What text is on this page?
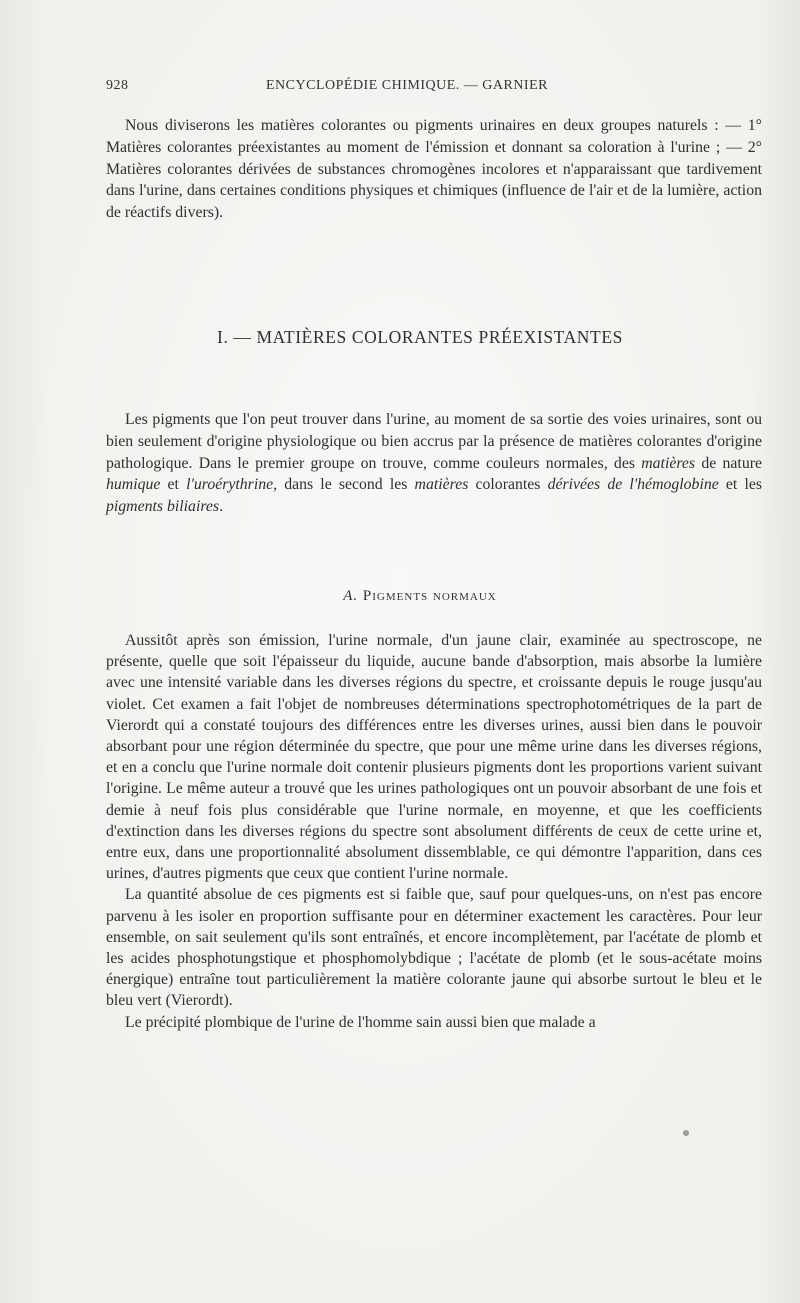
928	ENCYCLOPÉDIE CHIMIQUE. — GARNIER

Nous diviserons les matières colorantes ou pigments urinaires en deux groupes naturels : — 1° Matières colorantes préexistantes au moment de l'émission et donnant sa coloration à l'urine ; — 2° Matières colorantes dérivées de substances chromogènes incolores et n'apparaissant que tardivement dans l'urine, dans certaines conditions physiques et chimiques (influence de l'air et de la lumière, action de réactifs divers).

I. — MATIÈRES COLORANTES PRÉEXISTANTES

Les pigments que l'on peut trouver dans l'urine, au moment de sa sortie des voies urinaires, sont ou bien seulement d'origine physiologique ou bien accrus par la présence de matières colorantes d'origine pathologique. Dans le premier groupe on trouve, comme couleurs normales, des matières de nature humique et l'uroérythrine, dans le second les matières colorantes dérivées de l'hémoglobine et les pigments biliaires.

A. Pigments normaux

Aussitôt après son émission, l'urine normale, d'un jaune clair, examinée au spectroscope, ne présente, quelle que soit l'épaisseur du liquide, aucune bande d'absorption, mais absorbe la lumière avec une intensité variable dans les diverses régions du spectre, et croissante depuis le rouge jusqu'au violet. Cet examen a fait l'objet de nombreuses déterminations spectrophotométriques de la part de Vierordt qui a constaté toujours des différences entre les diverses urines, aussi bien dans le pouvoir absorbant pour une région déterminée du spectre, que pour une même urine dans les diverses régions, et en a conclu que l'urine normale doit contenir plusieurs pigments dont les proportions varient suivant l'origine. Le même auteur a trouvé que les urines pathologiques ont un pouvoir absorbant de une fois et demie à neuf fois plus considérable que l'urine normale, en moyenne, et que les coefficients d'extinction dans les diverses régions du spectre sont absolument différents de ceux de cette urine et, entre eux, dans une proportionnalité absolument dissemblable, ce qui démontre l'apparition, dans ces urines, d'autres pigments que ceux que contient l'urine normale.

La quantité absolue de ces pigments est si faible que, sauf pour quelques-uns, on n'est pas encore parvenu à les isoler en proportion suffisante pour en déterminer exactement les caractères. Pour leur ensemble, on sait seulement qu'ils sont entraînés, et encore incomplètement, par l'acétate de plomb et les acides phosphotungstique et phosphomolybdique ; l'acétate de plomb (et le sous-acétate moins énergique) entraîne tout particulièrement la matière colorante jaune qui absorbe surtout le bleu et le bleu vert (Vierordt).

Le précipité plombique de l'urine de l'homme sain aussi bien que malade a
